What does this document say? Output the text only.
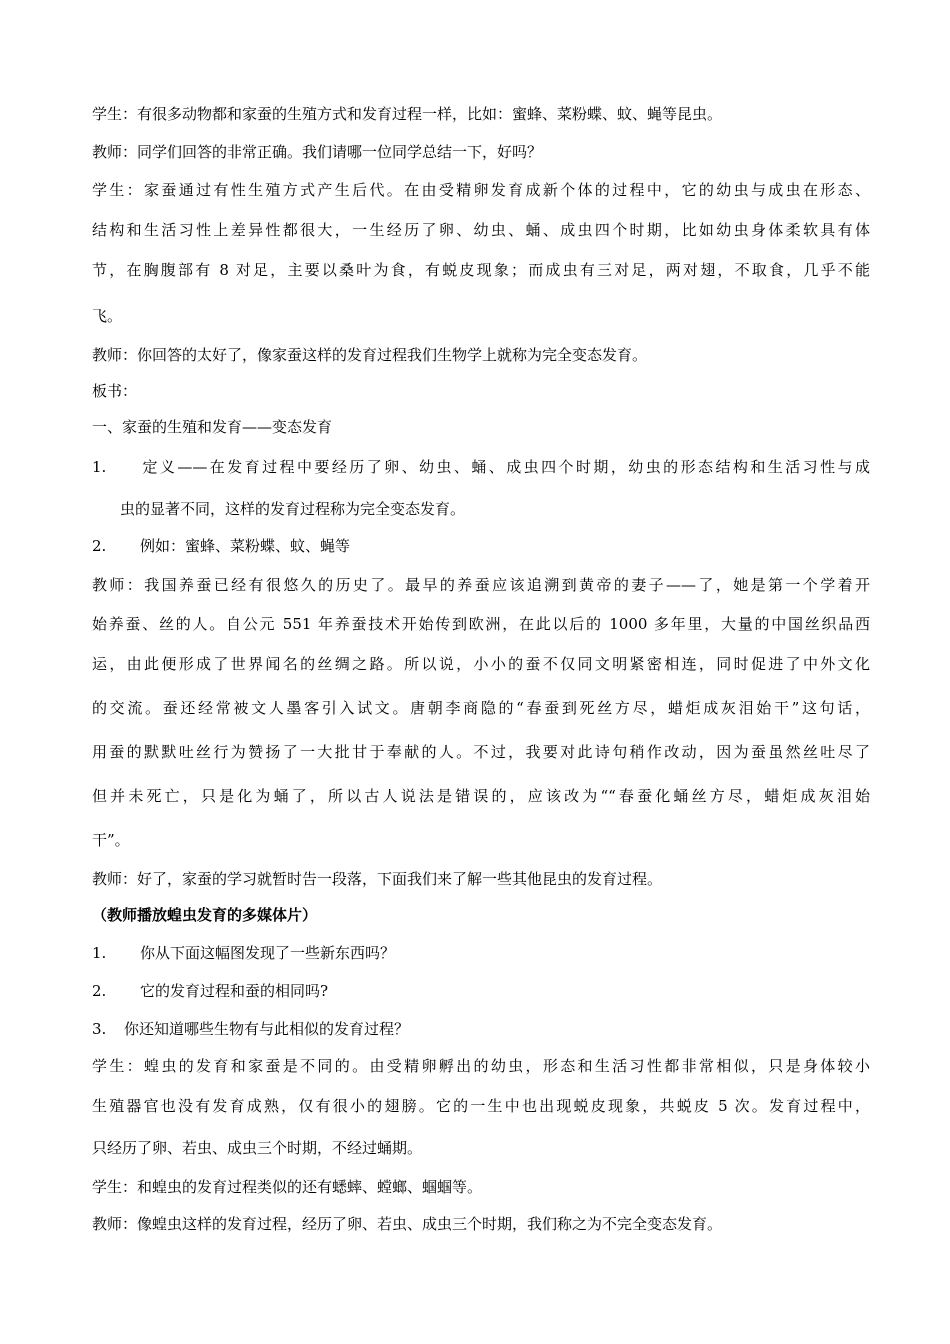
学生：有很多动物都和家蚕的生殖方式和发育过程一样，比如：蜜蜂、菜粉蝶、蚊、蝇等昆虫。
教师：同学们回答的非常正确。我们请哪一位同学总结一下，好吗？
学生：家蚕通过有性生殖方式产生后代。在由受精卵发育成新个体的过程中，它的幼虫与成虫在形态、
结构和生活习性上差异性都很大，一生经历了卵、幼虫、蛹、成虫四个时期，比如幼虫身体柔软具有体
节，在胸腹部有 8 对足，主要以桑叶为食，有蜕皮现象；而成虫有三对足，两对翅，不取食，几乎不能
飞。
教师：你回答的太好了，像家蚕这样的发育过程我们生物学上就称为完全变态发育。
板书：
一、家蚕的生殖和发育——变态发育
1. 定义——在发育过程中要经历了卵、幼虫、蛹、成虫四个时期，幼虫的形态结构和生活习性与成
虫的显著不同，这样的发育过程称为完全变态发育。
2. 例如：蜜蜂、菜粉蝶、蚊、蝇等
教师：我国养蚕已经有很悠久的历史了。最早的养蚕应该追溯到黄帝的妻子——了，她是第一个学着开
始养蚕、丝的人。自公元 551 年养蚕技术开始传到欧洲，在此以后的 1000 多年里，大量的中国丝织品西
运，由此便形成了世界闻名的丝绸之路。所以说，小小的蚕不仅同文明紧密相连，同时促进了中外文化
的交流。蚕还经常被文人墨客引入试文。唐朝李商隐的“春蚕到死丝方尽，蜡炬成灰泪始干”这句话，
用蚕的默默吐丝行为赞扬了一大批甘于奉献的人。不过，我要对此诗句稍作改动，因为蚕虽然丝吐尽了
但并未死亡，只是化为蛹了，所以古人说法是错误的，应该改为““春蚕化蛹丝方尽，蜡炬成灰泪始
干”。
教师：好了，家蚕的学习就暂时告一段落，下面我们来了解一些其他昆虫的发育过程。
（教师播放蝗虫发育的多媒体片）
1. 你从下面这幅图发现了一些新东西吗？
2. 它的发育过程和蚕的相同吗?
3. 你还知道哪些生物有与此相似的发育过程？
学生：蝗虫的发育和家蚕是不同的。由受精卵孵出的幼虫，形态和生活习性都非常相似，只是身体较小
生殖器官也没有发育成熟，仅有很小的翅膀。它的一生中也出现蜕皮现象，共蜕皮 5 次。发育过程中，
只经历了卵、若虫、成虫三个时期，不经过蛹期。
学生：和蝗虫的发育过程类似的还有蟋蟀、螳螂、蝈蝈等。
教师：像蝗虫这样的发育过程，经历了卵、若虫、成虫三个时期，我们称之为不完全变态发育。
